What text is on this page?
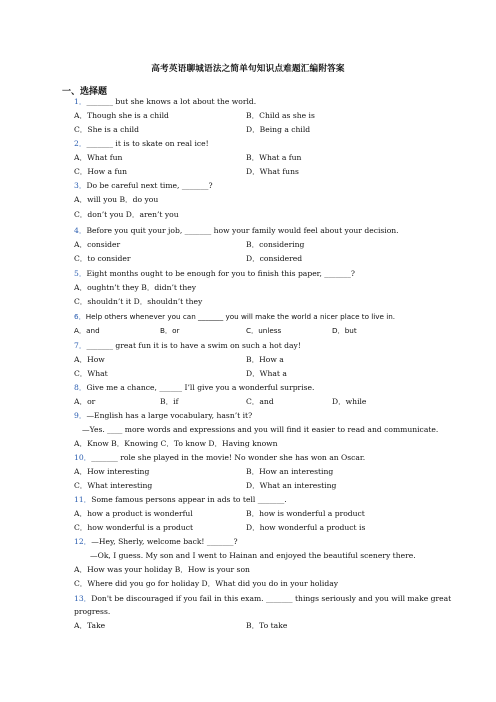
高考英语聊城语法之简单句知识点难题汇编附答案
一、选择题
1．_______ but she knows a lot about the world.
A．Though she is a child	B．Child as she is
C．She is a child	D．Being a child
2．_______ it is to skate on real ice!
A．What fun	B．What a fun
C．How a fun	D．What funs
3．Do be careful next time, _______?
A．will you B．do you
C．don’t you D．aren’t you
4．Before you quit your job, _______ how your family would feel about your decision.
A．consider	B．considering
C．to consider	D．considered
5．Eight months ought to be enough for you to finish this paper, _______?
A．oughtn’t they B．didn’t they
C．shouldn’t it D．shouldn’t they
6．Help others whenever you can _______ you will make the world a nicer place to live in.
A．and	B．or	C．unless	D．but
7．_______ great fun it is to have a swim on such a hot day!
A．How	B．How a
C．What	D．What a
8．Give me a chance, ______ I’ll give you a wonderful surprise.
A．or	B．if	C．and	D．while
9．—English has a large vocabulary, hasn’t it?
—Yes. ____ more words and expressions and you will find it easier to read and communicate.
A．Know B．Knowing C．To know D．Having known
10．_______ role she played in the movie! No wonder she has won an Oscar.
A．How interesting	B．How an interesting
C．What interesting	D．What an interesting
11．Some famous persons appear in ads to tell _______.
A．how a product is wonderful	B．how is wonderful a product
C．how wonderful is a product	D．how wonderful a product is
12．—Hey, Sherly, welcome back! _______?
—Ok, I guess. My son and I went to Hainan and enjoyed the beautiful scenery there.
A．How was your holiday B．How is your son
C．Where did you go for holiday D．What did you do in your holiday
13．Don't be discouraged if you fail in this exam. _______ things seriously and you will make great
progress.
A．Take	B．To take
